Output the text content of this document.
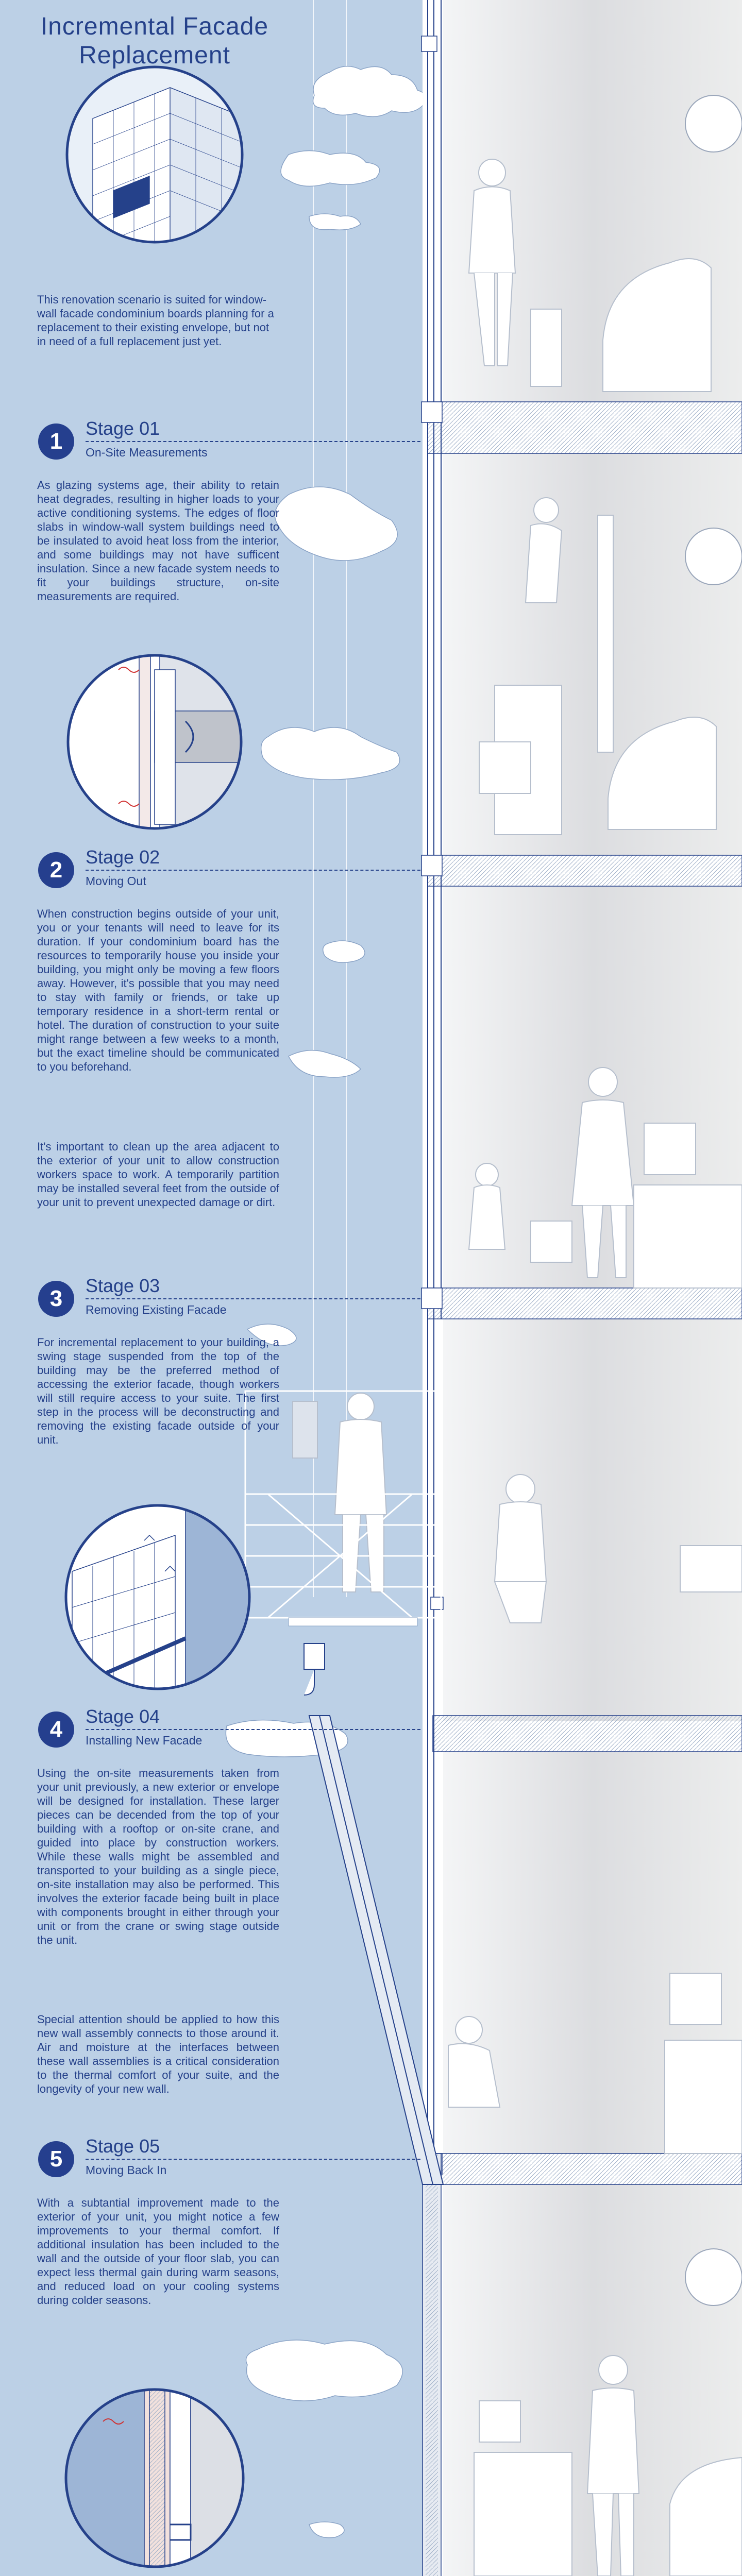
Incremental Facade
Replacement
This renovation scenario is suited for window-wall facade condominium boards planning for a replacement to their existing envelope, but not in need of a full replacement just yet.
1
Stage 01
On-Site Measurements
As glazing systems age, their ability to retain heat degrades, resulting in higher loads to your active conditioning systems. The edges of floor slabs in window-wall system buildings need to be insulated to avoid heat loss from the interior, and some buildings may not have sufficent insulation. Since a new facade system needs to fit your buildings structure, on-site measurements are required.
2
Stage 02
Moving Out
When construction begins outside of your unit, you or your tenants will need to leave for its duration. If your condominium board has the resources to temporarily house you inside your building, you might only be moving a few floors away. However, it's possible that you may need to stay with family or friends, or take up temporary residence in a short-term rental or hotel. The duration of construction to your suite might range between a few weeks to a month, but the exact timeline should be communicated to you beforehand.
It's important to clean up the area adjacent to the exterior of your unit to allow construction workers space to work. A temporarily partition may be installed several feet from the outside of your unit to prevent unexpected damage or dirt.
3
Stage 03
Removing Existing Facade
For incremental replacement to your building, a swing stage suspended from the top of the building may be the preferred method of accessing the exterior facade, though workers will still require access to your suite. The first step in the process will be deconstructing and removing the existing facade outside of your unit.
4
Stage 04
Installing New Facade
Using the on-site measurements taken from your unit previously, a new exterior or envelope will be designed for installation. These larger pieces can be decended from the top of your building with a rooftop or on-site crane, and guided into place by construction workers. While these walls might be assembled and transported to your building as a single piece, on-site installation may also be performed. This involves the exterior facade being built in place with components brought in either through your unit or from the crane or swing stage outside the unit.
Special attention should be applied to how this new wall assembly connects to those around it. Air and moisture at the interfaces between these wall assemblies is a critical consideration to the thermal comfort of your suite, and the longevity of your new wall.
5
Stage 05
Moving Back In
With a subtantial improvement made to the exterior of your unit, you might notice a few improvements to your thermal comfort. If additional insulation has been included to the wall and the outside of your floor slab, you can expect less thermal gain during warm seasons, and reduced load on your cooling systems during colder seasons.
